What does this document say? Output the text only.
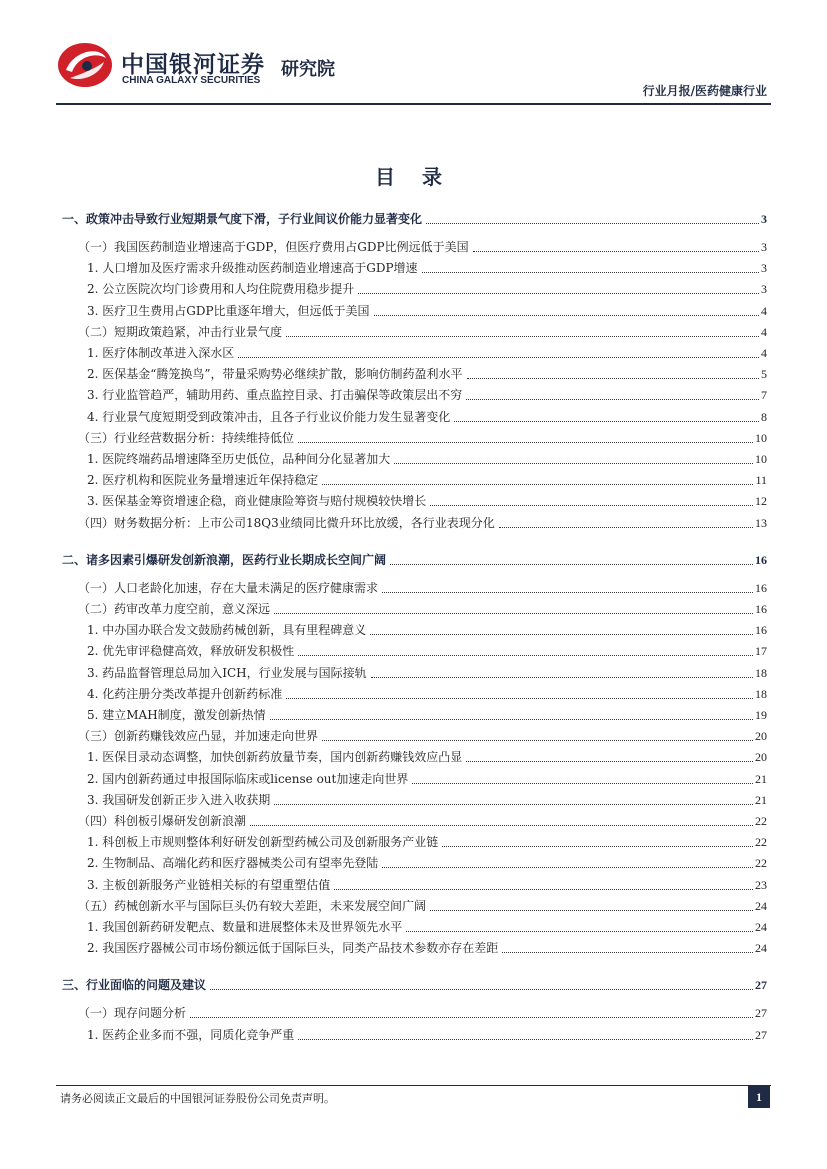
中国银河证券
CHINA GALAXY SECURITIES
研究院
行业月报/医药健康行业
目 录
一、政策冲击导致行业短期景气度下滑，子行业间议价能力显著变化	3
（一）我国医药制造业增速高于GDP，但医疗费用占GDP比例远低于美国	3
1. 人口增加及医疗需求升级推动医药制造业增速高于GDP增速	3
2. 公立医院次均门诊费用和人均住院费用稳步提升	3
3. 医疗卫生费用占GDP比重逐年增大，但远低于美国	4
（二）短期政策趋紧，冲击行业景气度	4
1. 医疗体制改革进入深水区	4
2. 医保基金“腾笼换鸟”，带量采购势必继续扩散，影响仿制药盈利水平	5
3. 行业监管趋严，辅助用药、重点监控目录、打击骗保等政策层出不穷	7
4. 行业景气度短期受到政策冲击，且各子行业议价能力发生显著变化	8
（三）行业经营数据分析：持续维持低位	10
1. 医院终端药品增速降至历史低位，品种间分化显著加大	10
2. 医疗机构和医院业务量增速近年保持稳定	11
3. 医保基金筹资增速企稳，商业健康险筹资与赔付规模较快增长	12
（四）财务数据分析：上市公司18Q3业绩同比微升环比放缓，各行业表现分化	13
二、诸多因素引爆研发创新浪潮，医药行业长期成长空间广阔	16
（一）人口老龄化加速，存在大量未满足的医疗健康需求	16
（二）药审改革力度空前，意义深远	16
1. 中办国办联合发文鼓励药械创新，具有里程碑意义	16
2. 优先审评稳健高效，释放研发积极性	17
3. 药品监督管理总局加入ICH，行业发展与国际接轨	18
4. 化药注册分类改革提升创新药标准	18
5. 建立MAH制度，激发创新热情	19
（三）创新药赚钱效应凸显，并加速走向世界	20
1. 医保目录动态调整，加快创新药放量节奏，国内创新药赚钱效应凸显	20
2. 国内创新药通过申报国际临床或license out加速走向世界	21
3. 我国研发创新正步入进入收获期	21
（四）科创板引爆研发创新浪潮	22
1. 科创板上市规则整体利好研发创新型药械公司及创新服务产业链	22
2. 生物制品、高端化药和医疗器械类公司有望率先登陆	22
3. 主板创新服务产业链相关标的有望重塑估值	23
（五）药械创新水平与国际巨头仍有较大差距，未来发展空间广阔	24
1. 我国创新药研发靶点、数量和进展整体未及世界领先水平	24
2. 我国医疗器械公司市场份额远低于国际巨头，同类产品技术参数亦存在差距	24
三、行业面临的问题及建议	27
（一）现存问题分析	27
1. 医药企业多而不强，同质化竞争严重	27
请务必阅读正文最后的中国银河证券股份公司免责声明。	1
